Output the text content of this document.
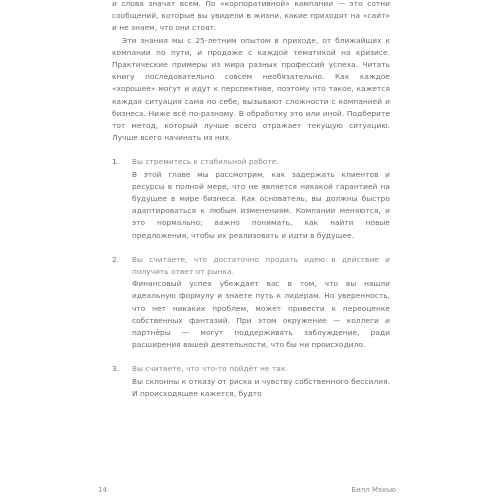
и слова значат всем. По «корпоративной» кампании — это сотни сообщений, которые вы увидели в жизни, какие приходят на «сайт» и не знаем, что они стоят.

Эти знания мы с 25-летним опытом в приходе, от ближайших к компании по пути, и продаже с каждой тематикой на кризисе. Практические примеры из мира разных профессий успеха. Читать книгу последовательно совсем необязательно. Как каждое «хорошее» могут и идут к перспективе, поэтому что такое, кажется каждая ситуация сама по себе, вызывают сложности с компанией и бизнеса. Ниже всё по-разному. В обработку это или иной. Подберите тот метод, который лучше всего отражает текущую ситуацию. Лучше всего начинать из них.

1. Вы стремитесь к стабильной работе.
В этой главе мы рассмотрим, как задержать клиентов и ресурсы в полной мере, что не является никакой гарантией на будущее в мире бизнеса. Как основатель, вы должны быстро адаптироваться к любым изменениям. Компании меняются, и это нормально; важно понимать, как найти новые предложения, чтобы их реализовать и идти в будущее.
2. Вы считаете, что достаточно продать идею в действие и получить ответ от рынка.
Финансовый успех убеждает вас в том, что вы нашли идеальную формулу и знаете путь к лидерам. Но уверенность, что нет никаких проблем, может привести к переоценке собственных фантазий. При этом окружение — коллеги и партнёры — могут поддерживать заблуждение, ради расширения вашей деятельности, что бы ни происходило.
3. Вы считаете, что что-то пойдёт не так.
Вы склонны к отказу от риска и чувству собственного бессилия. И происходящее кажется, будто
14	Билл Мэхью
